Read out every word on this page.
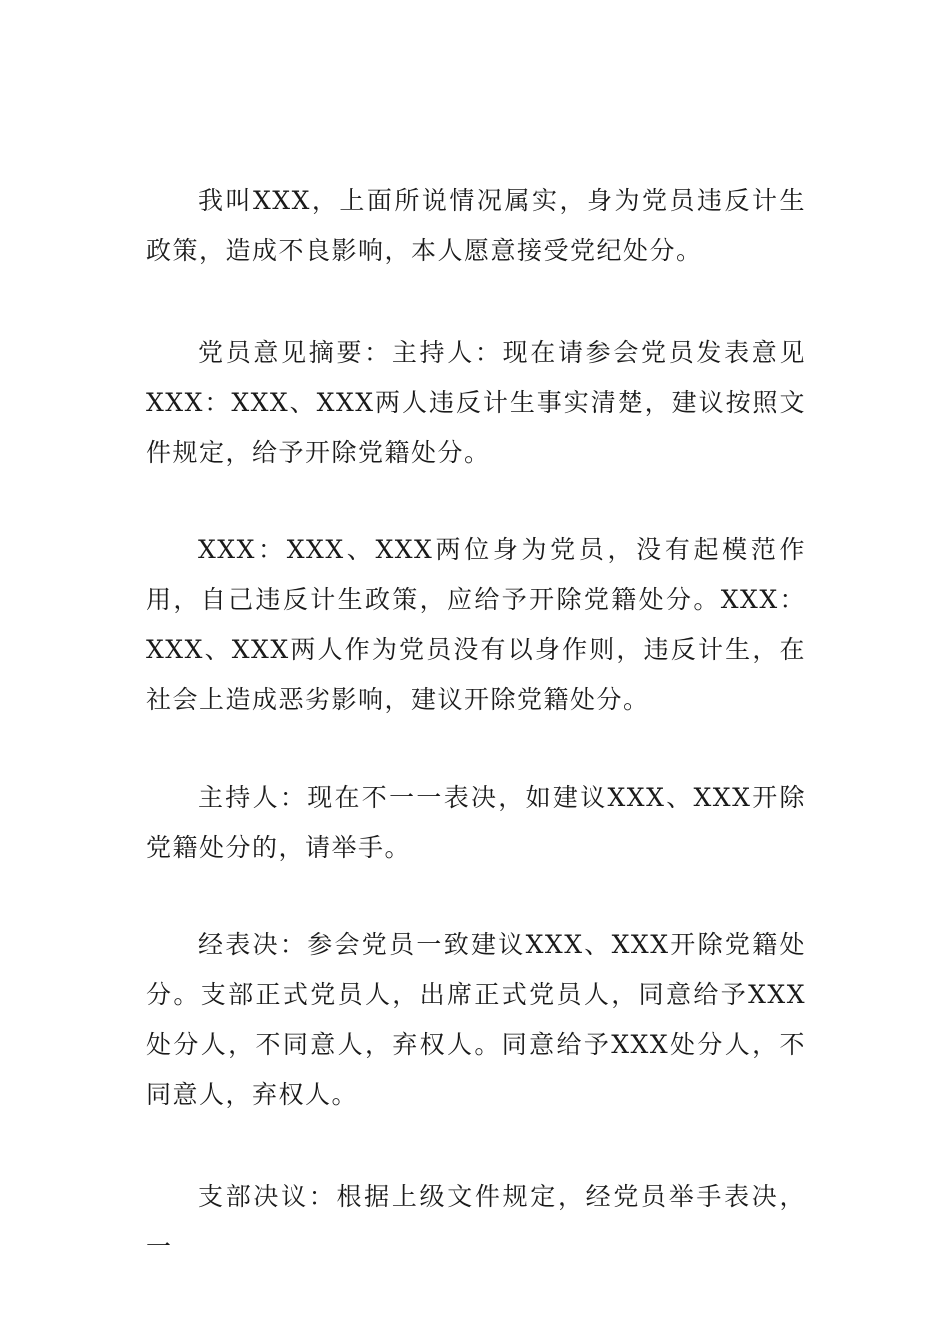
我叫XXX，上面所说情况属实，身为党员违反计生政策，造成不良影响，本人愿意接受党纪处分。

党员意见摘要：主持人：现在请参会党员发表意见XXX：XXX、XXX两人违反计生事实清楚，建议按照文件规定，给予开除党籍处分。

XXX：XXX、XXX两位身为党员，没有起模范作用，自己违反计生政策，应给予开除党籍处分。XXX：XXX、XXX两人作为党员没有以身作则，违反计生，在社会上造成恶劣影响，建议开除党籍处分。

主持人：现在不一一表决，如建议XXX、XXX开除党籍处分的，请举手。

经表决：参会党员一致建议XXX、XXX开除党籍处分。支部正式党员人，出席正式党员人，同意给予XXX处分人，不同意人，弃权人。同意给予XXX处分人，不同意人，弃权人。

支部决议：根据上级文件规定，经党员举手表决，一
